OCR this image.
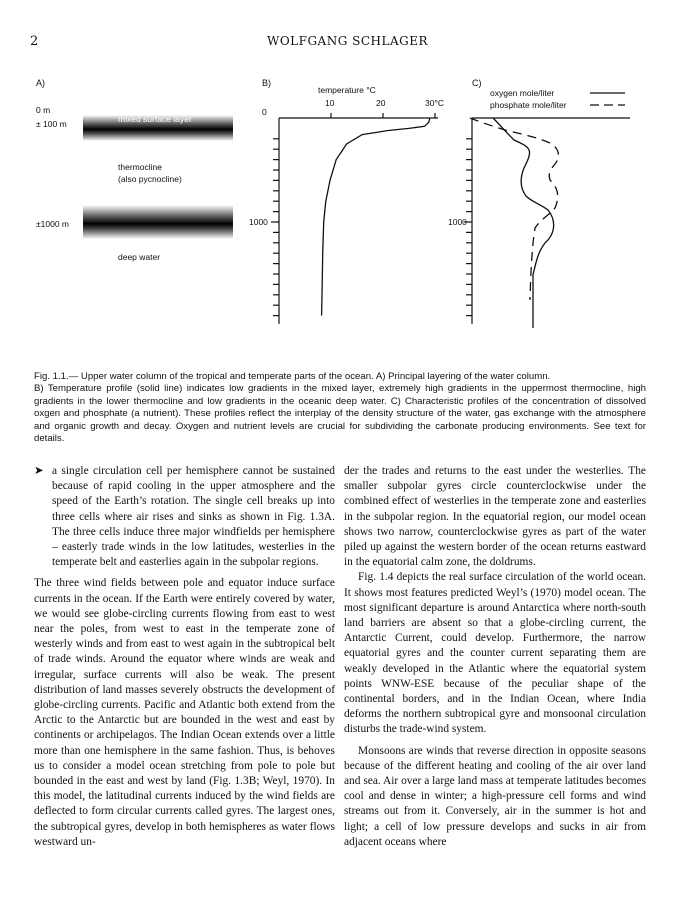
2	WOLFGANG SCHLAGER
A)
0 m
± 100 m
±1000 m
mixed surface layer
thermocline
(also pycnocline)
deep water
B)
temperature °C
10	20	30°C
0
1000
C)
oxygen mole/liter
phosphate mole/liter
1000
Fig. 1.1.— Upper water column of the tropical and temperate parts of the ocean. A) Principal layering of the water column.
B) Temperature profile (solid line) indicates low gradients in the mixed layer, extremely high gradients in the uppermost thermocline, high gradients in the lower thermocline and low gradients in the oceanic deep water. C) Characteristic profiles of the concentration of dissolved oxgen and phosphate (a nutrient). These profiles reflect the interplay of the density structure of the water, gas exchange with the atmosphere and organic growth and decay. Oxygen and nutrient levels are crucial for subdividing the carbonate producing environments. See text for details.
➤ a single circulation cell per hemisphere cannot be sustained because of rapid cooling in the upper atmosphere and the speed of the Earth’s rotation. The single cell breaks up into three cells where air rises and sinks as shown in Fig. 1.3A. The three cells induce three major windfields per hemisphere – easterly trade winds in the low latitudes, westerlies in the temperate belt and easterlies again in the subpolar regions.

The three wind fields between pole and equator induce surface currents in the ocean. If the Earth were entirely covered by water, we would see globe-circling currents flowing from east to west near the poles, from west to east in the temperate zone of westerly winds and from east to west again in the subtropical belt of trade winds. Around the equator where winds are weak and irregular, surface currents will also be weak. The present distribution of land masses severely obstructs the development of globe-circling currents. Pacific and Atlantic both extend from the Arctic to the Antarctic but are bounded in the west and east by continents or archipelagos. The Indian Ocean extends over a little more than one hemisphere in the same fashion. Thus, is behoves us to consider a model ocean stretching from pole to pole but bounded in the east and west by land (Fig. 1.3B; Weyl, 1970). In this model, the latitudinal currents induced by the wind fields are deflected to form circular currents called gyres. The largest ones, the subtropical gyres, develop in both hemispheres as water flows westward un-

der the trades and returns to the east under the westerlies. The smaller subpolar gyres circle counterclockwise under the combined effect of westerlies in the temperate zone and easterlies in the subpolar region. In the equatorial region, our model ocean shows two narrow, counterclockwise gyres as part of the water piled up against the western border of the ocean returns eastward in the equatorial calm zone, the doldrums.

Fig. 1.4 depicts the real surface circulation of the world ocean. It shows most features predicted Weyl’s (1970) model ocean. The most significant departure is around Antarctica where north-south land barriers are absent so that a globe-circling current, the Antarctic Current, could develop. Furthermore, the narrow equatorial gyres and the counter current separating them are weakly developed in the Atlantic where the equatorial system points WNW-ESE because of the peculiar shape of the continental borders, and in the Indian Ocean, where India deforms the northern subtropical gyre and monsoonal circulation disturbs the trade-wind system.

Monsoons are winds that reverse direction in opposite seasons because of the different heating and cooling of the air over land and sea. Air over a large land mass at temperate latitudes becomes cool and dense in winter; a high-pressure cell forms and wind streams out from it. Conversely, air in the summer is hot and light; a cell of low pressure develops and sucks in air from adjacent oceans where
